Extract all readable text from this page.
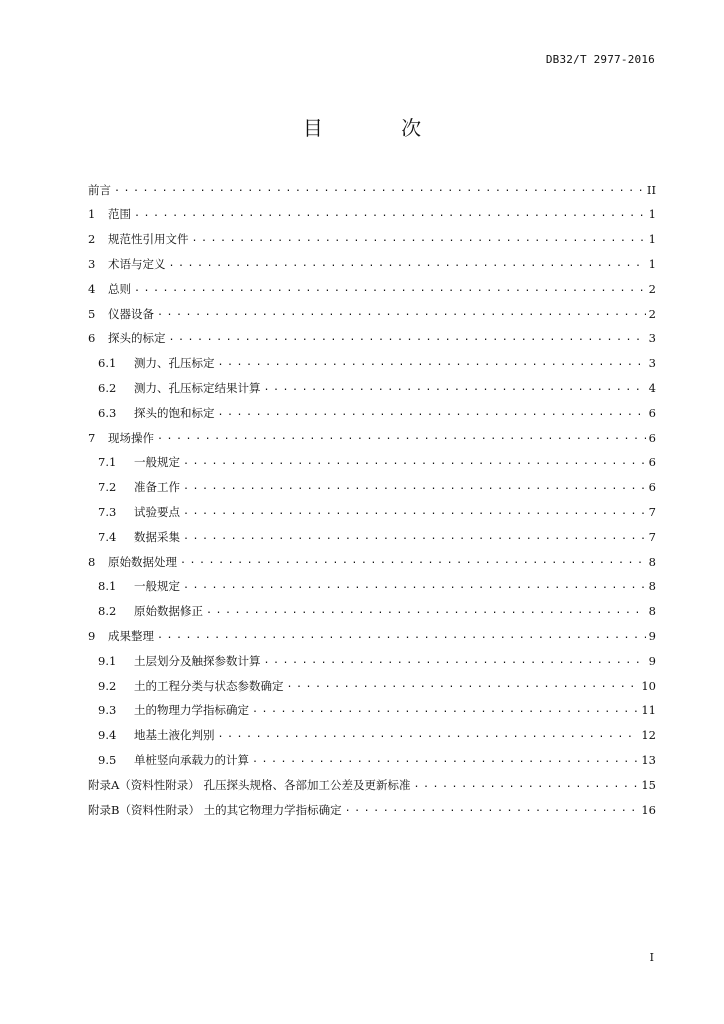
DB32/T 2977-2016
目 次
前言 .....	II
1 范围 .....	1
2 规范性引用文件 .....	1
3 术语与定义 .....	1
4 总则 .....	2
5 仪器设备 .....	2
6 探头的标定 .....	3
6.1	测力、孔压标定 .....	3
6.2	测力、孔压标定结果计算 .....	4
6.3	探头的饱和标定 .....	6
7 现场操作 .....	6
7.1	一般规定 .....	6
7.2	准备工作 .....	6
7.3	试验要点 .....	7
7.4	数据采集 .....	7
8 原始数据处理 .....	8
8.1	一般规定 .....	8
8.2	原始数据修正 .....	8
9 成果整理 .....	9
9.1	土层划分及触探参数计算 .....	9
9.2	土的工程分类与状态参数确定 .....	10
9.3	土的物理力学指标确定 .....	11
9.4	地基土液化判别 .....	12
9.5	单桩竖向承载力的计算 .....	13
附录A（资料性附录） 孔压探头规格、各部加工公差及更新标准 .....	15
附录B（资料性附录） 土的其它物理力学指标确定 .....	16
I
